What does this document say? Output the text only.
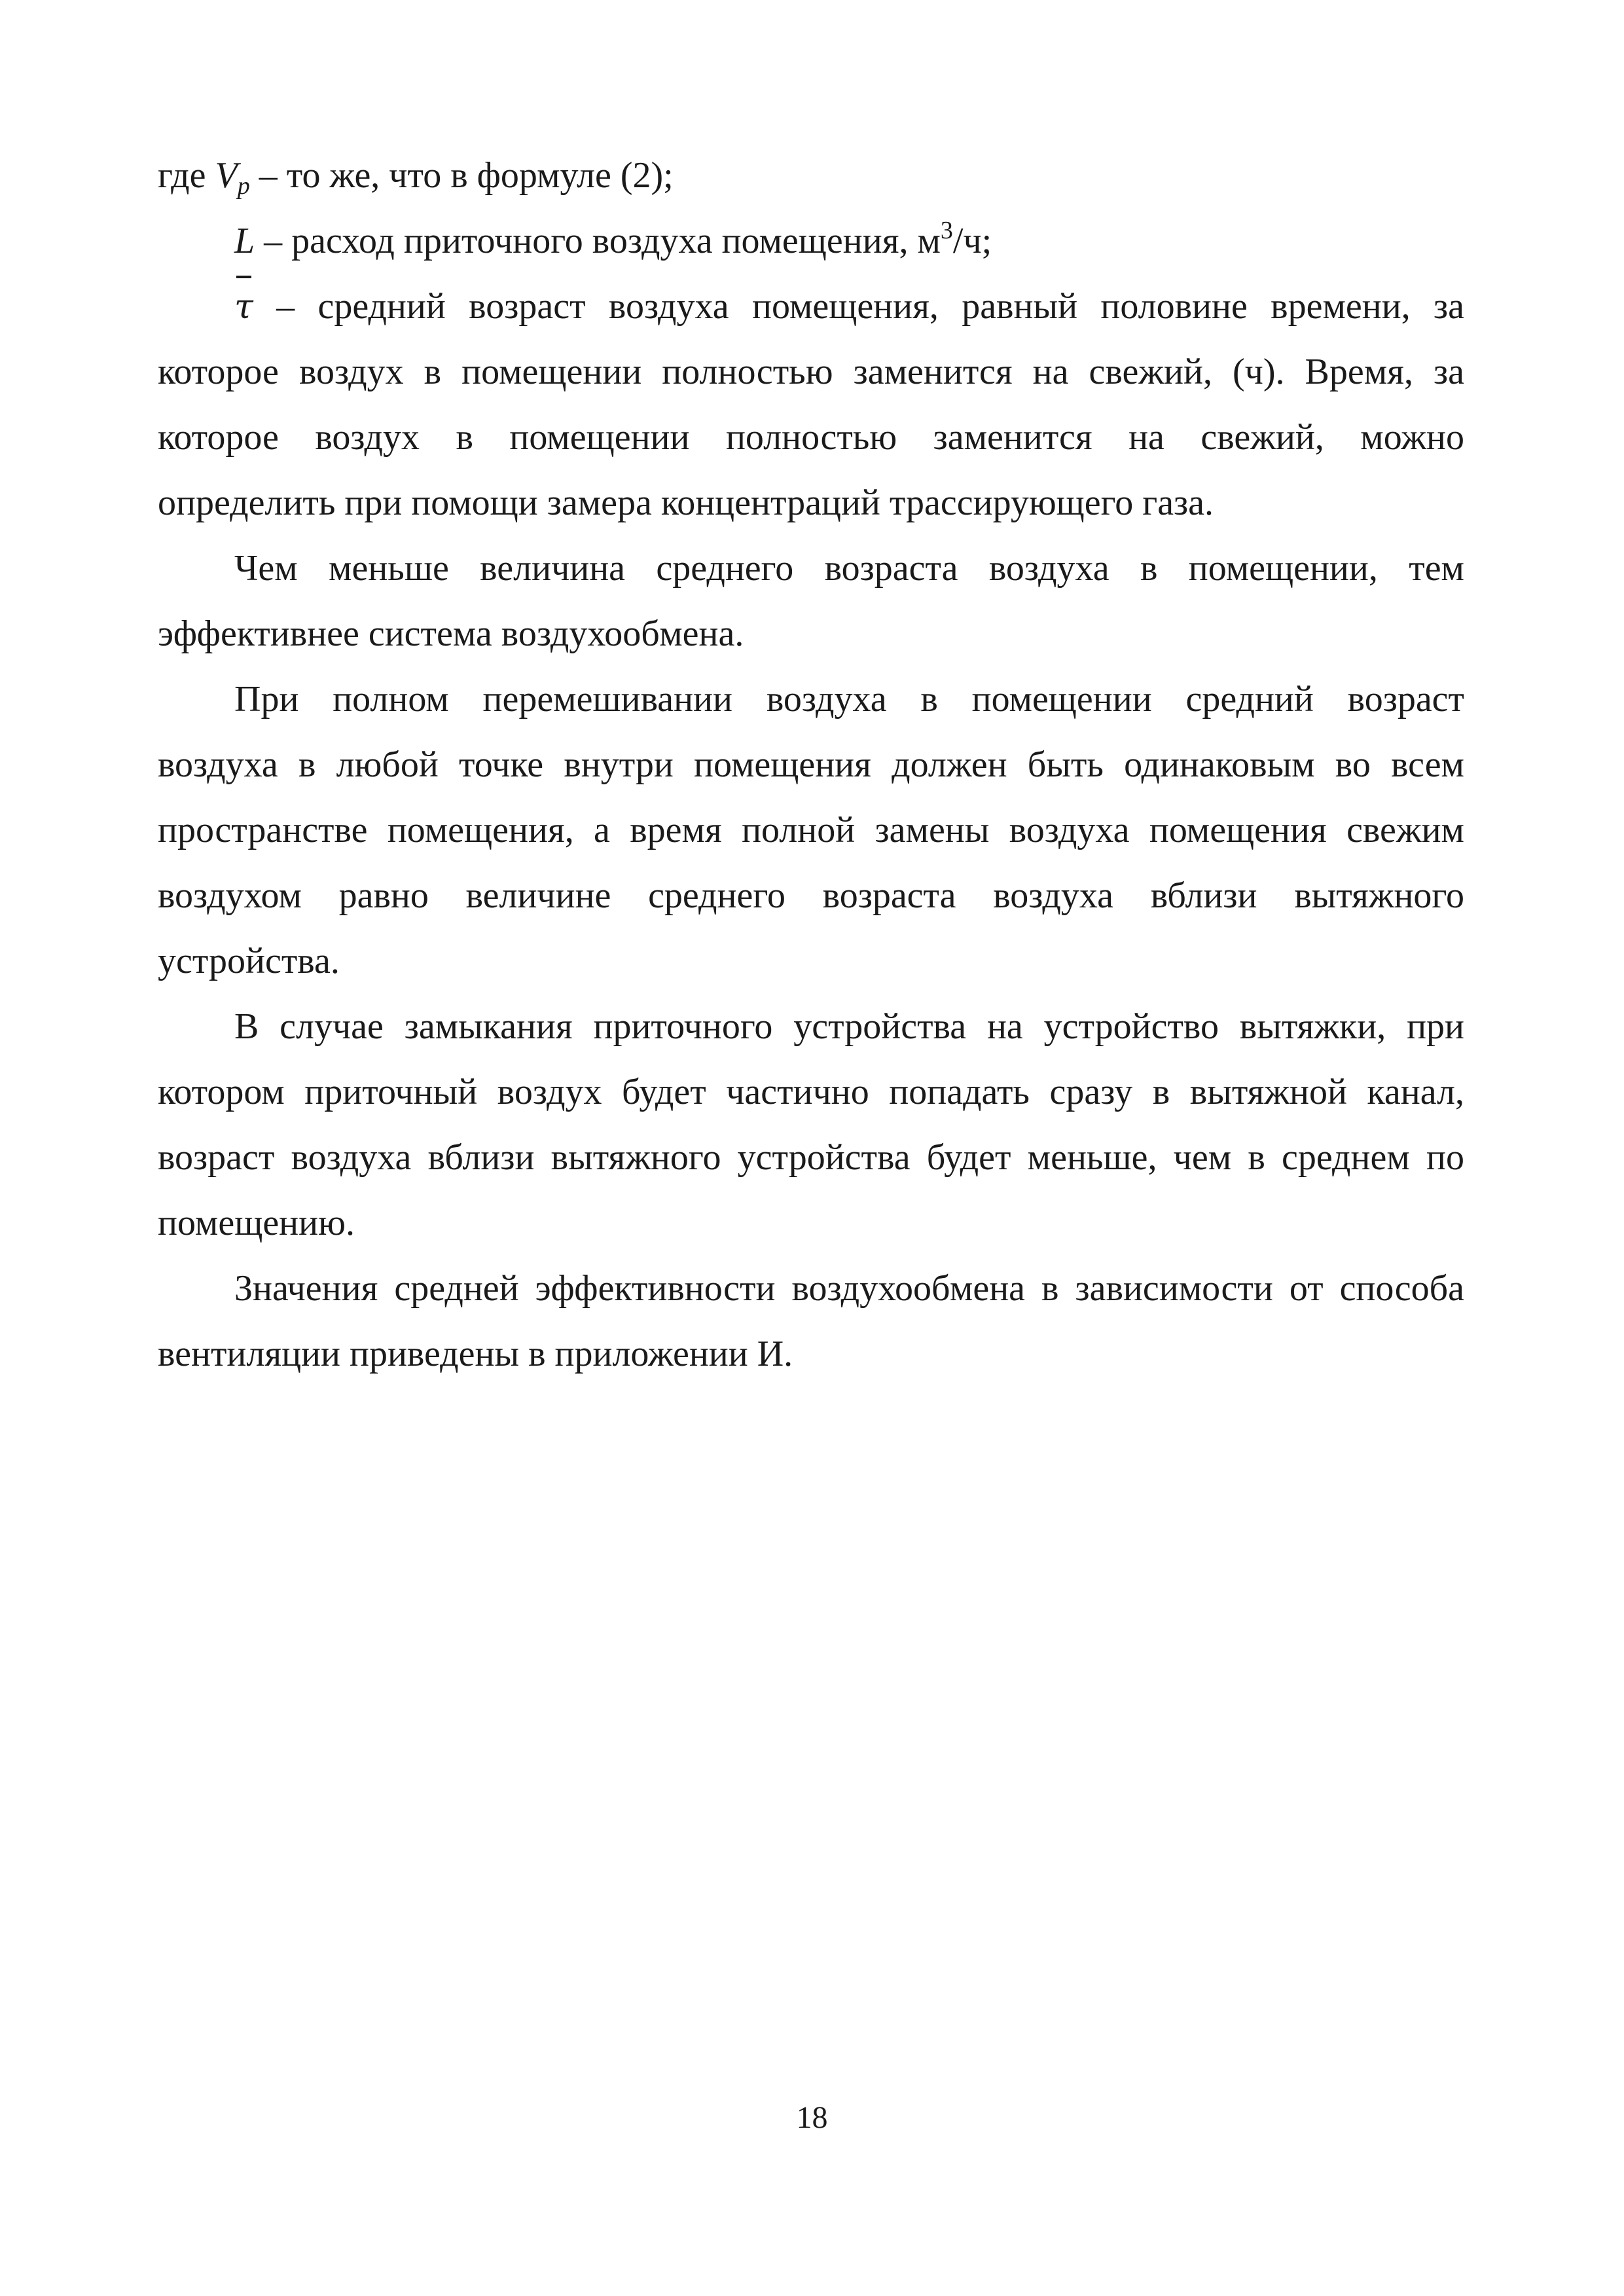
где $V_p$ – то же, что в формуле (2);
L – расход приточного воздуха помещения, $м^3/ч$;
τ – средний возраст воздуха помещения, равный половине времени, за
которое воздух в помещении полностью заменится на свежий, (ч). Время, за
которое воздух в помещении полностью заменится на свежий, можно
определить при помощи замера концентраций трассирующего газа.
Чем меньше величина среднего возраста воздуха в помещении, тем
эффективнее система воздухообмена.
При полном перемешивании воздуха в помещении средний возраст
воздуха в любой точке внутри помещения должен быть одинаковым во всем
пространстве помещения, а время полной замены воздуха помещения свежим
воздухом равно величине среднего возраста воздуха вблизи вытяжного
устройства.
В случае замыкания приточного устройства на устройство вытяжки, при
котором приточный воздух будет частично попадать сразу в вытяжной канал,
возраст воздуха вблизи вытяжного устройства будет меньше, чем в среднем по
помещению.
Значения средней эффективности воздухообмена в зависимости от способа
вентиляции приведены в приложении И.
18
